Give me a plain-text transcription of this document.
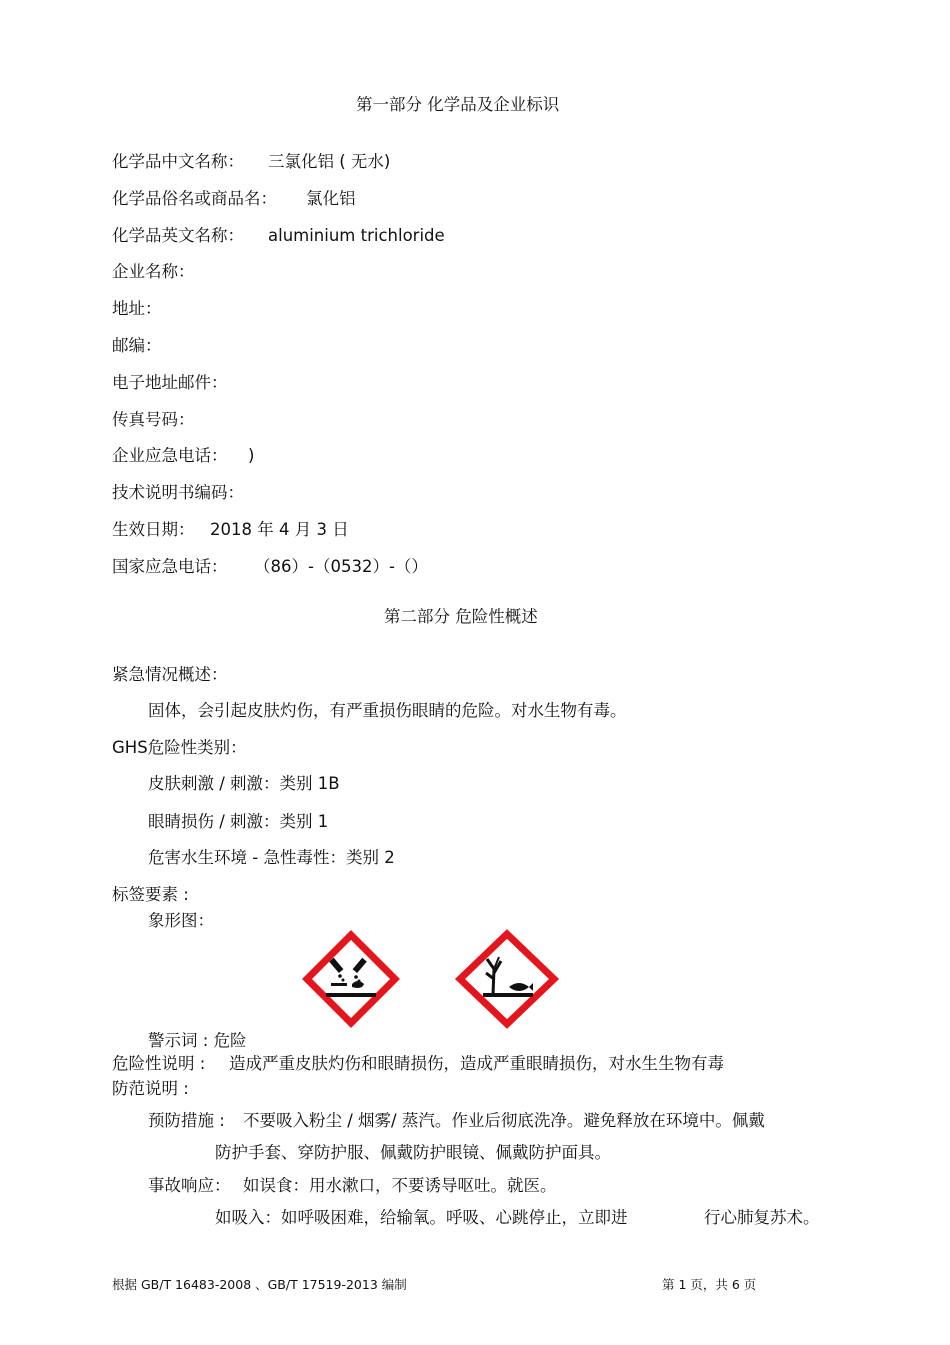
第一部分 化学品及企业标识
化学品中文名称： 三氯化铝 ( 无水)
化学品俗名或商品名： 氯化铝
化学品英文名称： aluminium trichloride
企业名称：
地址：
邮编：
电子地址邮件：
传真号码：
企业应急电话： )
技术说明书编码：
生效日期： 2018 年 4 月 3 日
国家应急电话： （86）-（0532）-（）
第二部分 危险性概述
紧急情况概述：
固体，会引起皮肤灼伤，有严重损伤眼睛的危险。对水生物有毒。
GHS危险性类别：
皮肤刺激 / 刺激：类别 1B
眼睛损伤 / 刺激：类别 1
危害水生环境 - 急性毒性：类别 2
标签要素 :
象形图：
警示词 : 危险
危险性说明 : 造成严重皮肤灼伤和眼睛损伤，造成严重眼睛损伤，对水生生物有毒
防范说明 :
预防措施 : 不要吸入粉尘 / 烟雾/ 蒸汽。作业后彻底洗净。避免释放在环境中。佩戴
防护手套、穿防护服、佩戴防护眼镜、佩戴防护面具。
事故响应： 如误食：用水漱口，不要诱导呕吐。就医。
如吸入：如呼吸困难，给输氧。呼吸、心跳停止，立即进	行心肺复苏术。
根据 GB/T 16483-2008 、GB/T 17519-2013 编制	第 1 页，共 6 页
